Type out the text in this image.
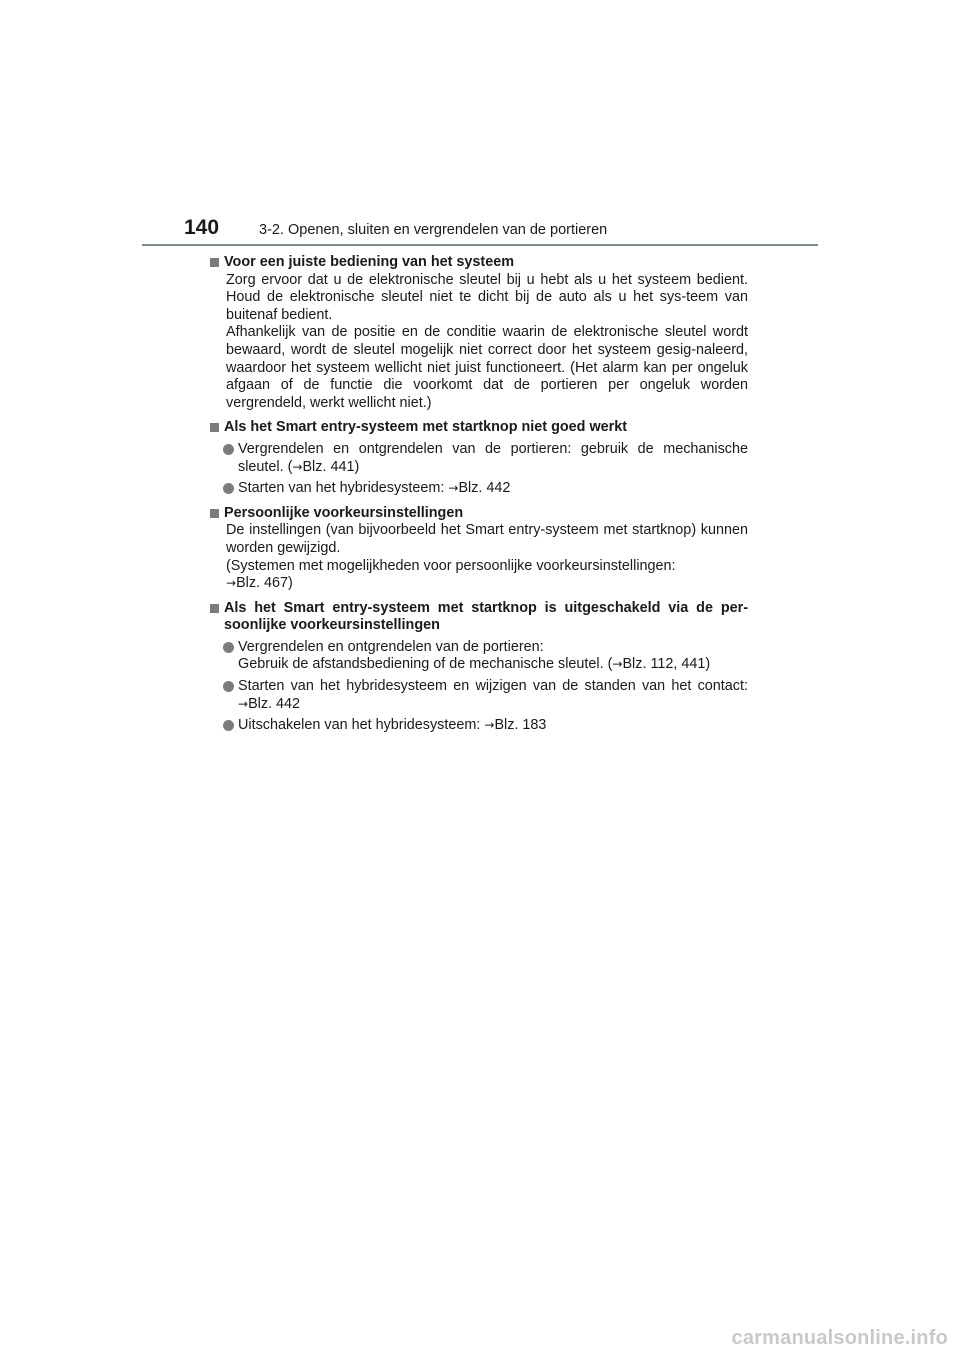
140	3-2. Openen, sluiten en vergrendelen van de portieren
Voor een juiste bediening van het systeem
Zorg ervoor dat u de elektronische sleutel bij u hebt als u het systeem bedient. Houd de elektronische sleutel niet te dicht bij de auto als u het sys-teem van buitenaf bedient.
Afhankelijk van de positie en de conditie waarin de elektronische sleutel wordt bewaard, wordt de sleutel mogelijk niet correct door het systeem gesig-naleerd, waardoor het systeem wellicht niet juist functioneert. (Het alarm kan per ongeluk afgaan of de functie die voorkomt dat de portieren per ongeluk worden vergrendeld, werkt wellicht niet.)
Als het Smart entry-systeem met startknop niet goed werkt
Vergrendelen en ontgrendelen van de portieren: gebruik de mechanische sleutel. (→Blz. 441)
Starten van het hybridesysteem: →Blz. 442
Persoonlijke voorkeursinstellingen
De instellingen (van bijvoorbeeld het Smart entry-systeem met startknop) kunnen worden gewijzigd.
(Systemen met mogelijkheden voor persoonlijke voorkeursinstellingen:
→Blz. 467)
Als het Smart entry-systeem met startknop is uitgeschakeld via de per-soonlijke voorkeursinstellingen
Vergrendelen en ontgrendelen van de portieren:
Gebruik de afstandsbediening of de mechanische sleutel. (→Blz. 112, 441)
Starten van het hybridesysteem en wijzigen van de standen van het contact: →Blz. 442
Uitschakelen van het hybridesysteem: →Blz. 183
carmanualsonline.info
